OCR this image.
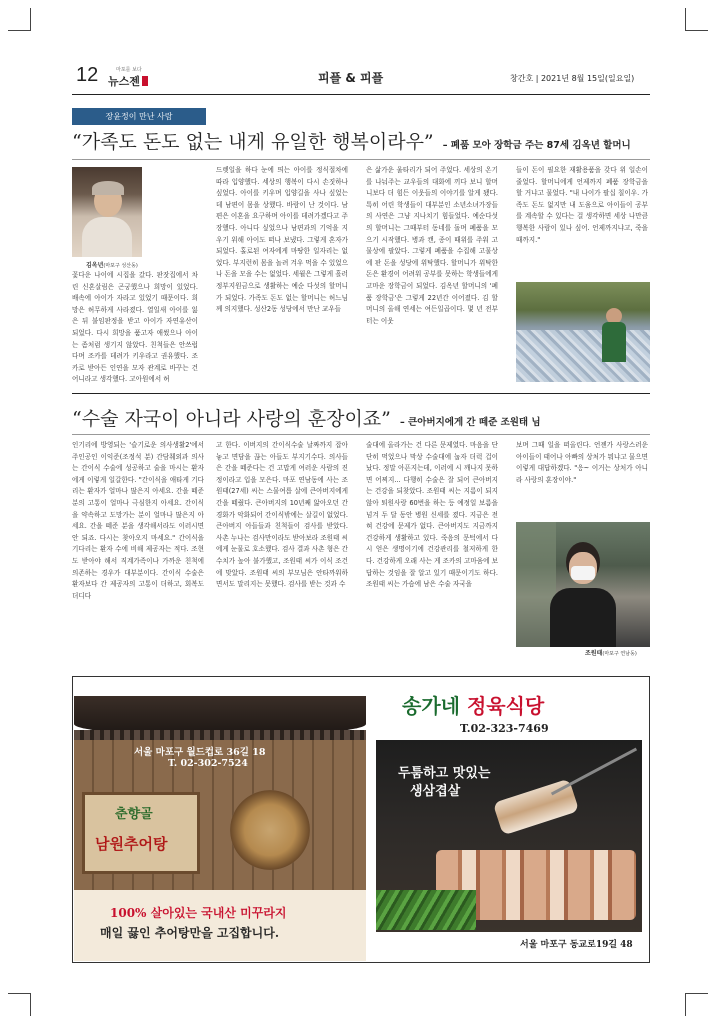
12	마포를 보다
뉴스젠	피플 & 피플	창간호 | 2021년 8월 15일(일요일)
장윤정이 만난 사람
“가족도 돈도 없는 내게 유일한 행복이라우” – 폐품 모아 장학금 주는 87세 김옥년 할머니
김옥년(마포구 성산동)
꽃다운 나이에 시집을 갔다. 판잣집에서 차린 신혼살림은 곤궁했으나 희망이 있었다. 배속에 아이가 자라고 있었기 때문이다. 희망은 허무하게 사라졌다. 열일새 아이를 잃은 뒤 불임판정을 받고 아이가 자연유산이 되었다. 다시 희망을 품고자 애썼으나 아이는 좀처럼 생기지 않았다. 친척들은 안쓰럽다며 조카를 데려가 키우라고 권유했다. 조카로 받아든 인연을 모자 관계로 바꾸는 건 어니라고 생각했다. 고아원에서 허
드렛일을 하다 눈에 띄는 아이를 정식절차에 따라 입양했다. 세상의 행복이 다시 손짓하나 싶었다. 아이를 키우며 입양길을 사나 싶었는데 남편이 몸을 상했다. 바람이 난 것이다. 남편은 이혼을 요구하며 아이를 데려가겠다고 주장했다. 아니다 싶었으나 남편과의 기억을 지우기 위해 아이도 떠나 보냈다. 그렇게 혼자가 되었다. 홀로된 여자에게 마땅한 일자리는 없었다. 부지런히 몸을 놀려 겨우 먹을 수 있었으나 돈을 모을 수는 없었다. 세월은 그렇게 흘러 정부지원금으로 생활하는 예순 다섯의 할머니가 되었다. 가족도 돈도 없는 할머니는 허느님께 의지했다. 성산2동 성당에서 만난 교우들
은 삶가운 울타리가 되어 주었다. 세상의 온기를 나눠주는 교우들의 대화에 끼다 보니 할머니보다 더 힘든 이웃들의 이야기를 알게 됐다. 특히 어린 학생들이 대부분인 소년소녀가장들의 사연은 그냥 지나치기 힘들었다. 예순다섯의 할머니는 그때부터 동네를 돌며 폐품을 모으기 시작했다. 병과 캔, 종이 때위를 주워 고물상에 팔았다. 그렇게 폐품을 수집해 고물상에 판 돈을 성당에 위탁했다. 할머니가 위탁한 돈은 환경이 어려워 공부를 못하는 학생들에게 고마운 장학금이 되었다. 김옥년 할머니의 '폐품 장학금'은 그렇게 22년간 이어졌다. 김 할머니의 올해 연세는 여든일곱이다. 몇 년 전부터는 이웃
들이 돈이 필요한 재활용품을 갖다 위 일손이 줄었다. 할머니에게 언제까지 폐품 장학금을 할 거냐고 물었다. "내 나이가 팔십 칠이우. 가족도 돈도 없지만 내 도움으로 아이들이 공부를 계속할 수 있다는 걸 생각하면 세상 나만큼 행복한 사람이 있나 싶어. 언제까지냐고, 죽을 때까지."
“수술 자국이 아니라 사랑의 훈장이죠” – 큰아버지에게 간 떼준 조원태 님
인기리에 방영되는 '슬기로운 의사생활2'에서 주인공인 이익준(조정석 분) 간담췌외과 의사는 간이식 수술에 성공하고 술을 마시는 환자에게 이렇게 일갈한다. "간이식을 애타게 기다리는 환자가 얼마나 많은지 아세요. 간을 떼준 분의 고통이 얼마나 극심한지 아세요. 간이식을 약속하고 도망가는 분이 얼마나 많은지 아세요. 간을 떼준 분을 생각해서라도 이러시면 안 되죠. 다시는 찾아오지 마세요." 간이식을 기다리는 환자 수에 비해 제공자는 적다. 조현도 받아야 해서 직계가족이나 가까운 친척에 의존하는 경우가 대부분이다. 간이식 수술은 환자보다 간 제공자의 고통이 더하고, 회복도 더디다
고 한다. 이버지의 간이식수술 날짜까지 잡아 놓고 면담을 끊는 아들도 부지기수다. 의사들은 간을 떼준다는 건 고맙게 여러운 사람의 진정이라고 입을 모은다. 마포 연남동에 사는 조원태(27세) 씨는 스물여릅 살에 큰아버지에게 간을 떼줬다. 큰아버지의 10년째 앓아오던 간경화가 악화되어 간이식밖에는 살길이 없었다. 큰아버지 아들들과 친척들이 검사를 받았다. 사촌 누나는 검사만이라도 받아보라 조원태 씨에게 눈물로 호소했다. 검사 결과 사촌 형은 간수치가 높아 불가했고, 조원태 씨가 이식 조건에 맞았다. 조원태 씨의 부모님은 안타까워하면서도 말리지는 못했다. 검사를 받는 것과 수
술대에 올라가는 건 다른 문제였다. 마음을 단단히 먹었으나 막상 수술대에 눕자 더럭 겁이 났다. 정말 아픈지는데, 이러에 시 깨나지 못하면 어찌지... 다행히 수술은 잘 되어 큰아버지는 건강을 되찾았다. 조원태 씨는 지름이 되지않아 퇴원사랑 60번을 하는 등 예정일 보름을 넘겨 두 달 동안 병원 신세를 졌다. 지금은 전혀 건강에 문제가 없다. 큰아버지도 지금까지 건강하게 생활하고 있다. 죽음의 문턱에서 다시 얻은 생명이기에 건강관리를 철저하게 한다. 건강하게 오래 사는 게 조카의 고마움에 보답하는 것임을 잘 알고 있기 때문이기도 하다. 조원태 씨는 가슴에 남은 수술 자국을
보며 그때 일을 떠올린다. 언젠가 사랑스러운 아이들이 태어나 아빠의 상처가 뭐냐고 물으면 이렇게 대답하겠다. "응~ 이거는 상처가 아니라 사랑의 훈장이야."
조원태(마포구 연남동)
서울 마포구 월드컵로 36길 18
T. 02-302-7524
춘향골
남원추어탕
100% 살아있는 국내산 미꾸라지
매일 끓인 추어탕만을 고집합니다.
송가네 정육식당
T.02-323-7469
두툼하고 맛있는
생삼겹살
서울 마포구 동교로19길 48
